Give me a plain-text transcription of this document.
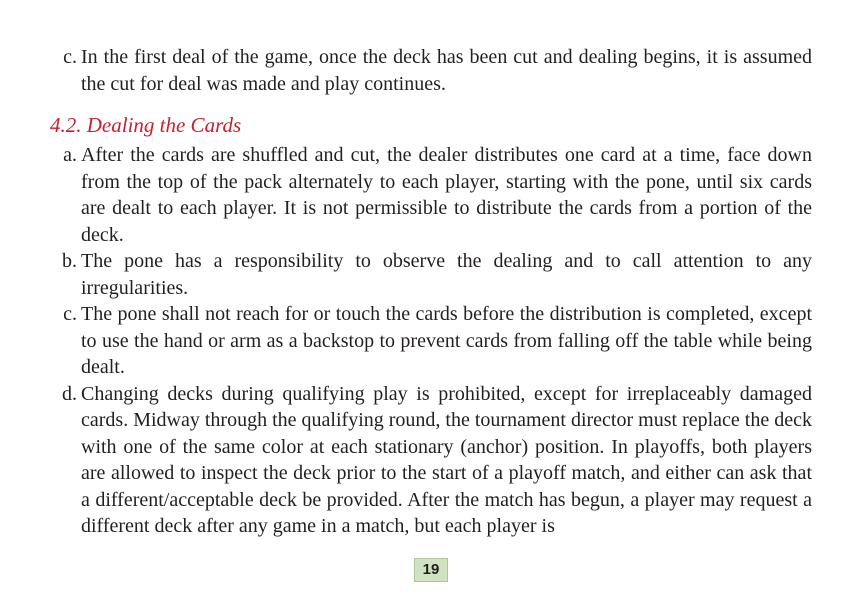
c. In the first deal of the game, once the deck has been cut and dealing begins, it is assumed the cut for deal was made and play continues.
4.2. Dealing the Cards
a. After the cards are shuffled and cut, the dealer distributes one card at a time, face down from the top of the pack alternately to each player, starting with the pone, until six cards are dealt to each player. It is not permissible to distribute the cards from a portion of the deck.
b. The pone has a responsibility to observe the dealing and to call attention to any irregularities.
c. The pone shall not reach for or touch the cards before the distribution is completed, except to use the hand or arm as a backstop to prevent cards from falling off the table while being dealt.
d. Changing decks during qualifying play is prohibited, except for irreplaceably damaged cards. Midway through the qualifying round, the tournament director must replace the deck with one of the same color at each stationary (anchor) position. In playoffs, both players are allowed to inspect the deck prior to the start of a playoff match, and either can ask that a different/acceptable deck be provided. After the match has begun, a player may request a different deck after any game in a match, but each player is
19
